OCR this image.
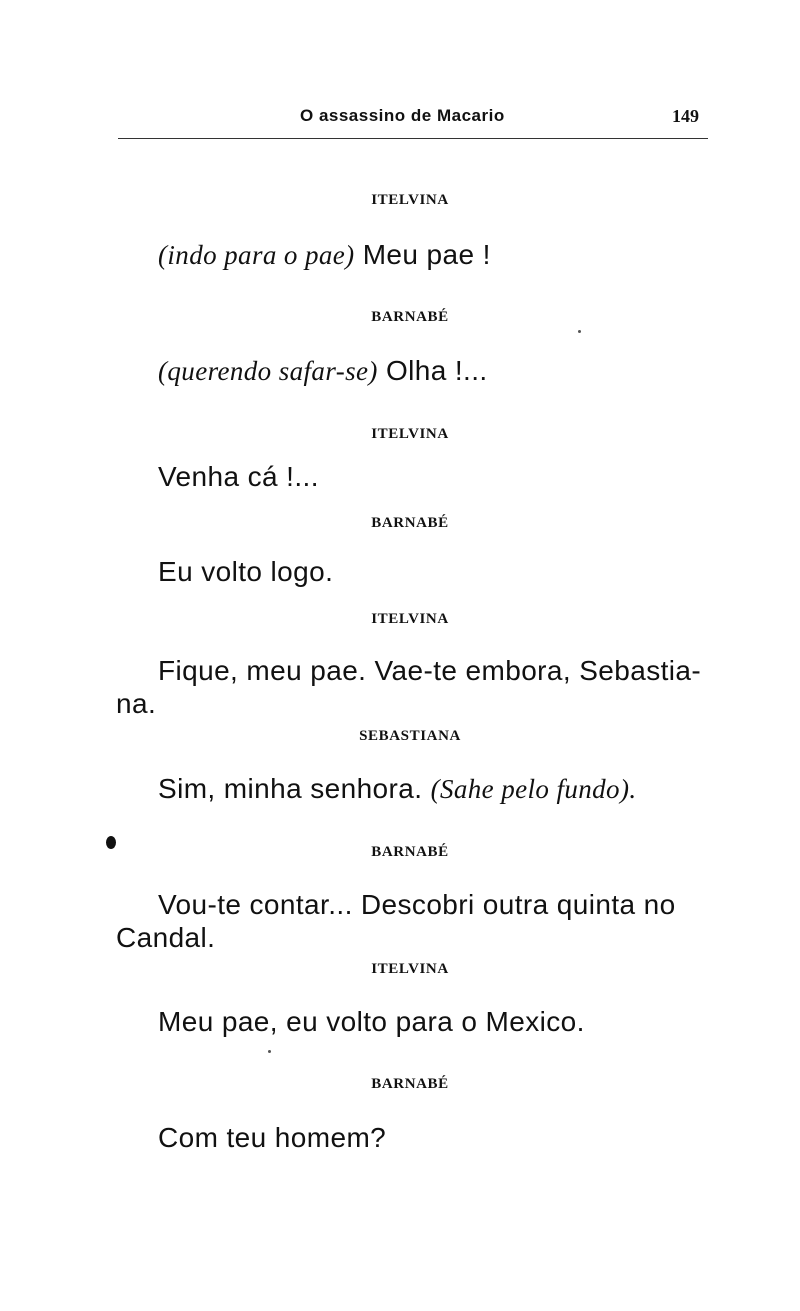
O assassino de Macario	149
ITELVINA
(indo para o pae) Meu pae !
BARNABÉ
(querendo safar-se) Olha !...
ITELVINA
Venha cá !...
BARNABÉ
Eu volto logo.
ITELVINA
Fique, meu pae. Vae-te embora, Sebastia-
na.
SEBASTIANA
Sim, minha senhora. (Sahe pelo fundo).
BARNABÉ
Vou-te contar... Descobri outra quinta no
Candal.
ITELVINA
Meu pae, eu volto para o Mexico.
BARNABÉ
Com teu homem?
